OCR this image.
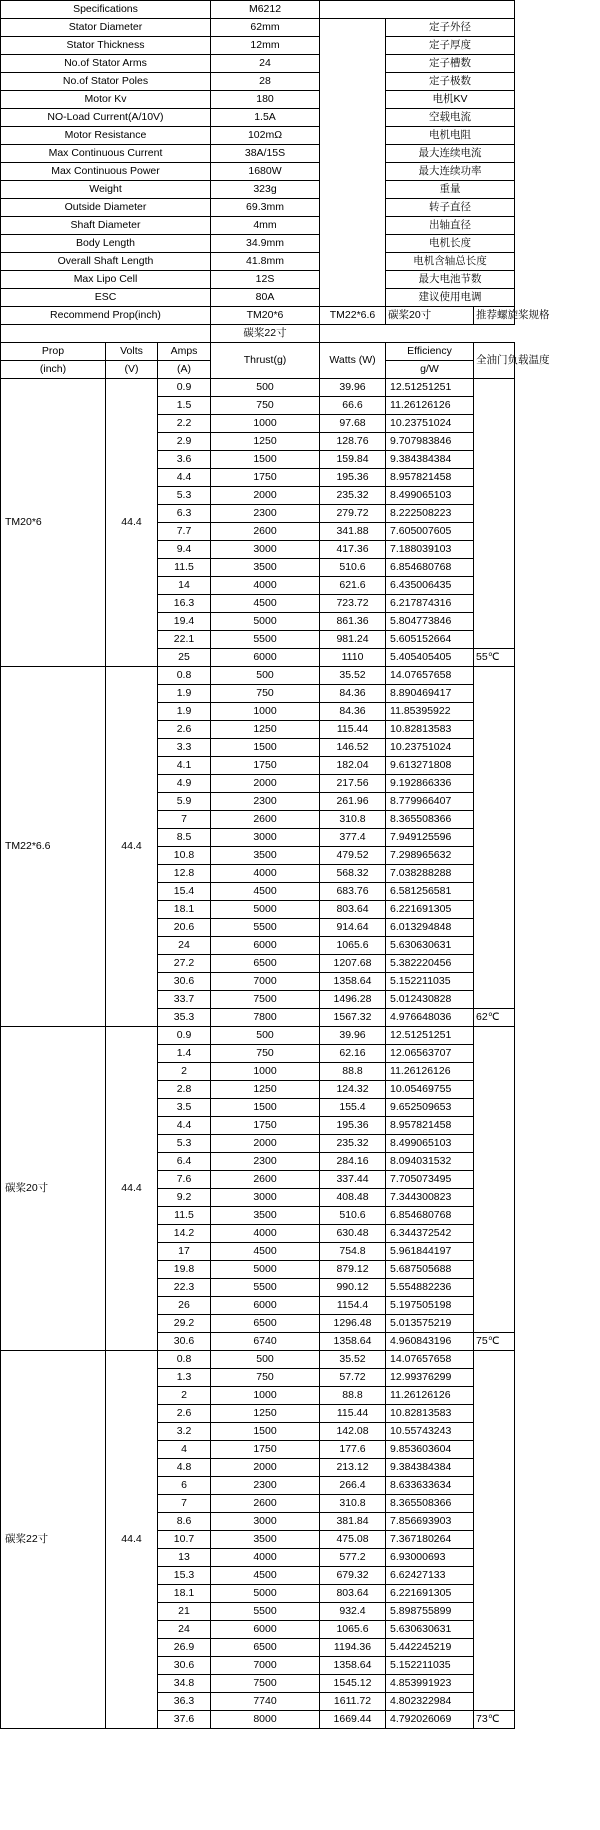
Specifications			M6212			
Stator Diameter			62mm		定子外径	
Stator Thickness			12mm		定子厚度	
No.of Stator Arms			24		定子槽数	
No.of Stator Poles			28		定子极数	
Motor Kv			180		电机KV	
NO-Load Current(A/10V)			1.5A		空载电流	
Motor Resistance			102mΩ		电机电阻	
Max Continuous Current			38A/15S		最大连续电流	
Max Continuous Power			1680W		最大连续功率	
Weight			323g		重量	
Outside Diameter			69.3mm		转子直径	
Shaft Diameter			4mm		出轴直径	
Body Length			34.9mm		电机长度	
Overall Shaft Length			41.8mm		电机含轴总长度	
Max Lipo Cell			12S		最大电池节数	
ESC			80A		建议使用电调	
Recommend Prop(inch)			TM20*6	TM22*6.6	碳桨20寸	推荐螺旋桨规格
			碳桨22寸			
Prop	Volts	Amps	Thrust(g)	Watts (W)	Efficiency	全油门负载温度
(inch)	(V)	(A)			g/W	
TM20*6	44.4	0.9	500	39.96	12.51251251	
		1.5	750	66.6	11.26126126	
		2.2	1000	97.68	10.23751024	
		2.9	1250	128.76	9.707983846	
		3.6	1500	159.84	9.384384384	
		4.4	1750	195.36	8.957821458	
		5.3	2000	235.32	8.499065103	
		6.3	2300	279.72	8.222508223	
		7.7	2600	341.88	7.605007605	
		9.4	3000	417.36	7.188039103	
		11.5	3500	510.6	6.854680768	
		14	4000	621.6	6.435006435	
		16.3	4500	723.72	6.217874316	
		19.4	5000	861.36	5.804773846	
		22.1	5500	981.24	5.605152664	
		25	6000	1110	5.405405405	55℃
TM22*6.6	44.4	0.8	500	35.52	14.07657658	
		1.9	750	84.36	8.890469417	
		1.9	1000	84.36	11.85395922	
		2.6	1250	115.44	10.82813583	
		3.3	1500	146.52	10.23751024	
		4.1	1750	182.04	9.613271808	
		4.9	2000	217.56	9.192866336	
		5.9	2300	261.96	8.779966407	
		7	2600	310.8	8.365508366	
		8.5	3000	377.4	7.949125596	
		10.8	3500	479.52	7.298965632	
		12.8	4000	568.32	7.038288288	
		15.4	4500	683.76	6.581256581	
		18.1	5000	803.64	6.221691305	
		20.6	5500	914.64	6.013294848	
		24	6000	1065.6	5.630630631	
		27.2	6500	1207.68	5.382220456	
		30.6	7000	1358.64	5.152211035	
		33.7	7500	1496.28	5.012430828	
		35.3	7800	1567.32	4.976648036	62℃
碳桨20寸	44.4	0.9	500	39.96	12.51251251	
		1.4	750	62.16	12.06563707	
		2	1000	88.8	11.26126126	
		2.8	1250	124.32	10.05469755	
		3.5	1500	155.4	9.652509653	
		4.4	1750	195.36	8.957821458	
		5.3	2000	235.32	8.499065103	
		6.4	2300	284.16	8.094031532	
		7.6	2600	337.44	7.705073495	
		9.2	3000	408.48	7.344300823	
		11.5	3500	510.6	6.854680768	
		14.2	4000	630.48	6.344372542	
		17	4500	754.8	5.961844197	
		19.8	5000	879.12	5.687505688	
		22.3	5500	990.12	5.554882236	
		26	6000	1154.4	5.197505198	
		29.2	6500	1296.48	5.013575219	
		30.6	6740	1358.64	4.960843196	75℃
碳桨22寸	44.4	0.8	500	35.52	14.07657658	
		1.3	750	57.72	12.99376299	
		2	1000	88.8	11.26126126	
		2.6	1250	115.44	10.82813583	
		3.2	1500	142.08	10.55743243	
		4	1750	177.6	9.853603604	
		4.8	2000	213.12	9.384384384	
		6	2300	266.4	8.633633634	
		7	2600	310.8	8.365508366	
		8.6	3000	381.84	7.856693903	
		10.7	3500	475.08	7.367180264	
		13	4000	577.2	6.93000693	
		15.3	4500	679.32	6.62427133	
		18.1	5000	803.64	6.221691305	
		21	5500	932.4	5.898755899	
		24	6000	1065.6	5.630630631	
		26.9	6500	1194.36	5.442245219	
		30.6	7000	1358.64	5.152211035	
		34.8	7500	1545.12	4.853991923	
		36.3	7740	1611.72	4.802322984	
		37.6	8000	1669.44	4.792026069	73℃
